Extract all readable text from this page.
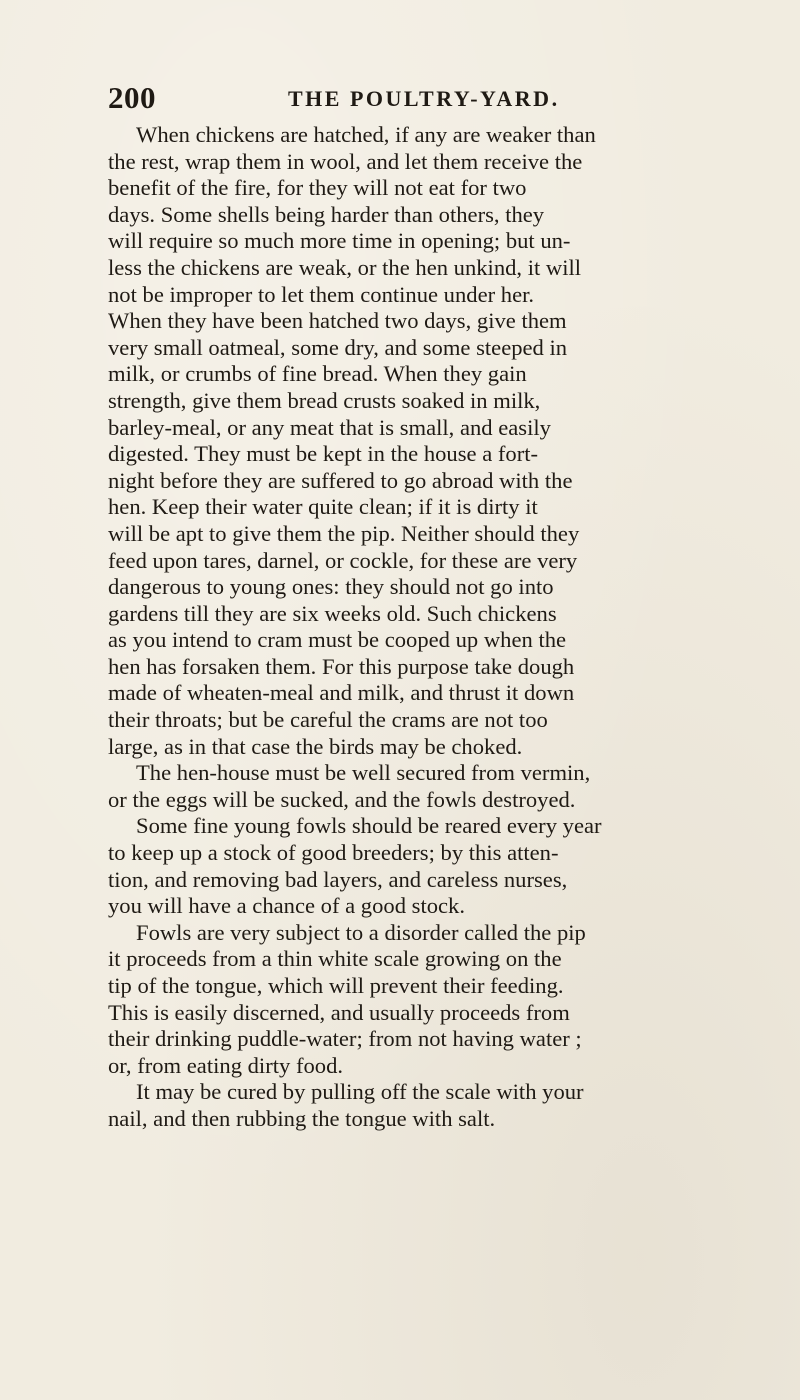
200	THE POULTRY-YARD.
When chickens are hatched, if any are weaker than
the rest, wrap them in wool, and let them receive the
benefit of the fire, for they will not eat for two
days. Some shells being harder than others, they
will require so much more time in opening; but un-
less the chickens are weak, or the hen unkind, it will
not be improper to let them continue under her.
When they have been hatched two days, give them
very small oatmeal, some dry, and some steeped in
milk, or crumbs of fine bread. When they gain
strength, give them bread crusts soaked in milk,
barley-meal, or any meat that is small, and easily
digested. They must be kept in the house a fort-
night before they are suffered to go abroad with the
hen. Keep their water quite clean; if it is dirty it
will be apt to give them the pip. Neither should they
feed upon tares, darnel, or cockle, for these are very
dangerous to young ones: they should not go into
gardens till they are six weeks old. Such chickens
as you intend to cram must be cooped up when the
hen has forsaken them. For this purpose take dough
made of wheaten-meal and milk, and thrust it down
their throats; but be careful the crams are not too
large, as in that case the birds may be choked.
The hen-house must be well secured from vermin,
or the eggs will be sucked, and the fowls destroyed.
Some fine young fowls should be reared every year
to keep up a stock of good breeders; by this atten-
tion, and removing bad layers, and careless nurses,
you will have a chance of a good stock.
Fowls are very subject to a disorder called the pip
it proceeds from a thin white scale growing on the
tip of the tongue, which will prevent their feeding.
This is easily discerned, and usually proceeds from
their drinking puddle-water; from not having water ;
or, from eating dirty food.
It may be cured by pulling off the scale with your
nail, and then rubbing the tongue with salt.
